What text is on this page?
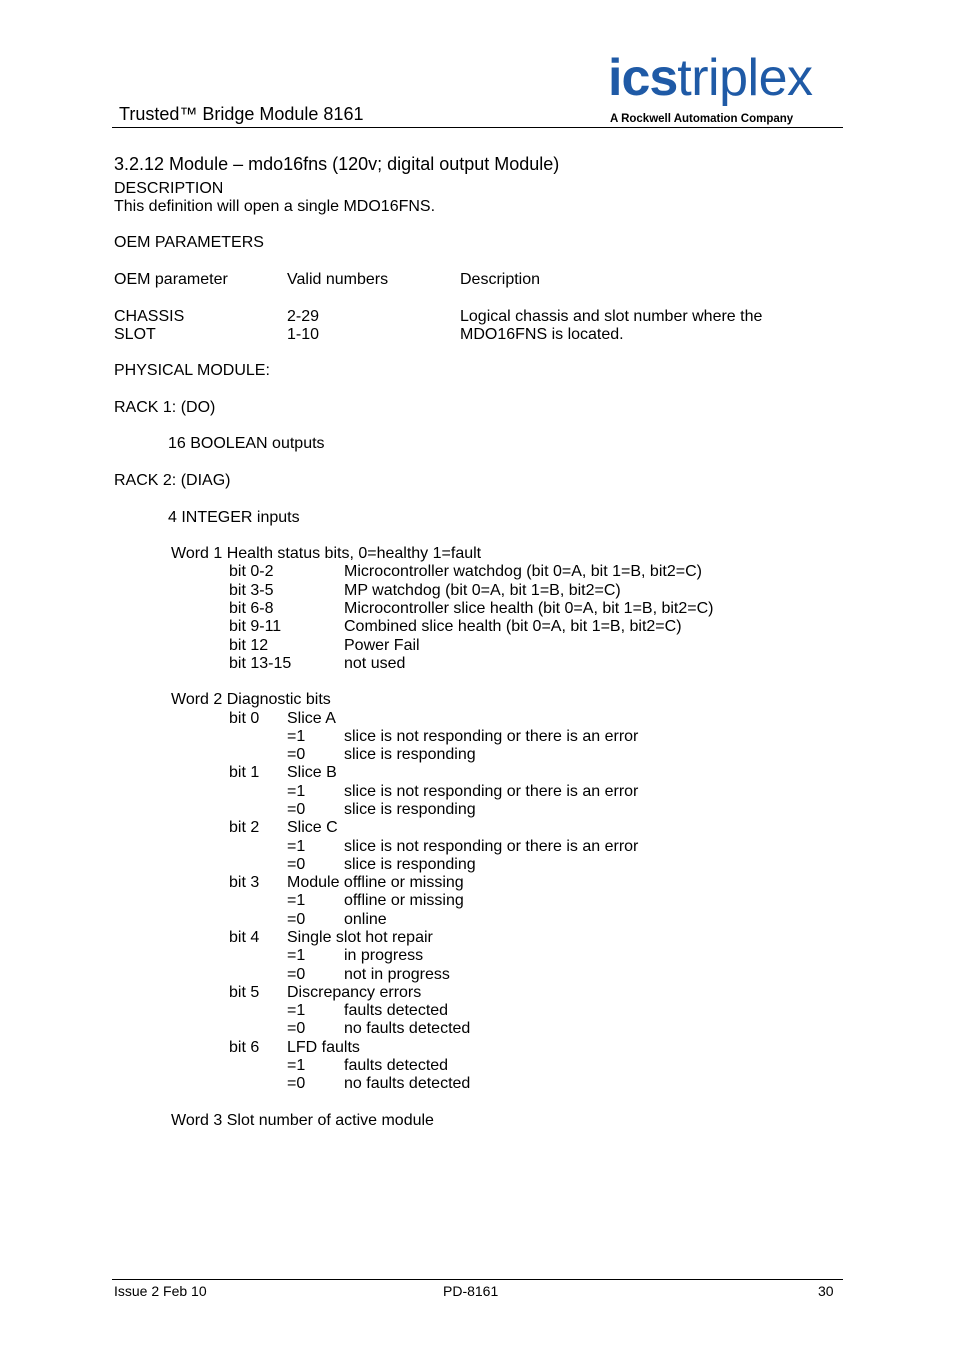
Trusted™ Bridge Module 8161
icstriplex
A Rockwell Automation Company
3.2.12 Module – mdo16fns (120v; digital output Module)
DESCRIPTION
This definition will open a single MDO16FNS.
OEM PARAMETERS
OEM parameter	Valid numbers	Description
CHASSIS	2-29	Logical chassis and slot number where the
SLOT	1-10	MDO16FNS is located.
PHYSICAL MODULE:
RACK 1: (DO)
16 BOOLEAN outputs
RACK 2: (DIAG)
4 INTEGER inputs
Word 1 Health status bits, 0=healthy 1=fault
bit 0-2	Microcontroller watchdog (bit 0=A, bit 1=B, bit2=C)
bit 3-5	MP watchdog (bit 0=A, bit 1=B, bit2=C)
bit 6-8	Microcontroller slice health (bit 0=A, bit 1=B, bit2=C)
bit 9-11	Combined slice health (bit 0=A, bit 1=B, bit2=C)
bit 12	Power Fail
bit 13-15	not used
Word 2 Diagnostic bits
bit 0 Slice A
=1 slice is not responding or there is an error
=0 slice is responding
bit 1 Slice B
=1 slice is not responding or there is an error
=0 slice is responding
bit 2 Slice C
=1 slice is not responding or there is an error
=0 slice is responding
bit 3 Module offline or missing
=1 offline or missing
=0 online
bit 4 Single slot hot repair
=1 in progress
=0 not in progress
bit 5 Discrepancy errors
=1 faults detected
=0 no faults detected
bit 6 LFD faults
=1 faults detected
=0 no faults detected
Word 3 Slot number of active module
Issue 2 Feb 10	PD-8161	30
